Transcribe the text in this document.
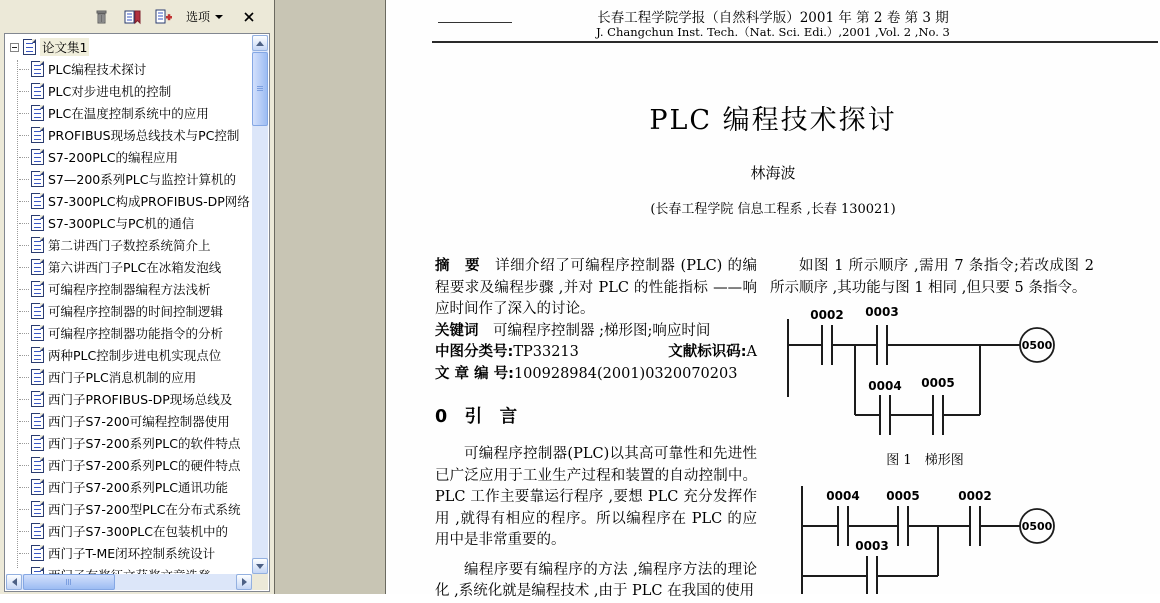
选项
论文集1
PLC编程技术探讨
PLC对步进电机的控制
PLC在温度控制系统中的应用
PROFIBUS现场总线技术与PC控制
S7-200PLC的编程应用
S7—200系列PLC与监控计算机的
S7-300PLC构成PROFIBUS-DP网络
S7-300PLC与PC机的通信
第二讲西门子数控系统简介上
第六讲西门子PLC在冰箱发泡线
可编程序控制器编程方法浅析
可编程序控制器的时间控制逻辑
可编程序控制器功能指令的分析
两种PLC控制步进电机实现点位
西门子PLC消息机制的应用
西门子PROFIBUS-DP现场总线及
西门子S7-200可编程控制器使用
西门子S7-200系列PLC的软件特点
西门子S7-200系列PLC的硬件特点
西门子S7-200系列PLC通讯功能
西门子S7-200型PLC在分布式系统
西门子S7-300PLC在包装机中的
西门子T-ME闭环控制系统设计
长春工程学院学报（自然科学版）2001 年 第 2 卷 第 3 期
J. Changchun Inst. Tech.（Nat. Sci. Edi.）,2001 ,Vol. 2 ,No. 3
PLC 编程技术探讨
林海波
(长春工程学院 信息工程系 ,长春 130021)
摘　要　详细介绍了可编程序控制器 (PLC) 的编程要求及编程步骤 ,并对 PLC 的性能指标 ——响应时间作了深入的讨论。
关键词　可编程序控制器 ;梯形图;响应时间
中图分类号:TP33213	文献标识码:A
文 章 编 号:100928984(2001)0320070203
0　引　言
可编程序控制器(PLC)以其高可靠性和先进性已广泛应用于工业生产过程和装置的自动控制中。PLC 工作主要靠运行程序 ,要想 PLC 充分发挥作用 ,就得有相应的程序。所以编程序在 PLC 的应用中是非常重要的。
编程序要有编程序的方法 ,编程序方法的理论化 ,系统化就是编程技术 ,由于 PLC 在我国的使用
如图 1 所示顺序 ,需用 7 条指令;若改成图 2 所示顺序 ,其功能与图 1 相同 ,但只要 5 条指令。
0002 0003
0004 0005
0500
图 1　梯形图
0004 0005	0002
0003
0500
